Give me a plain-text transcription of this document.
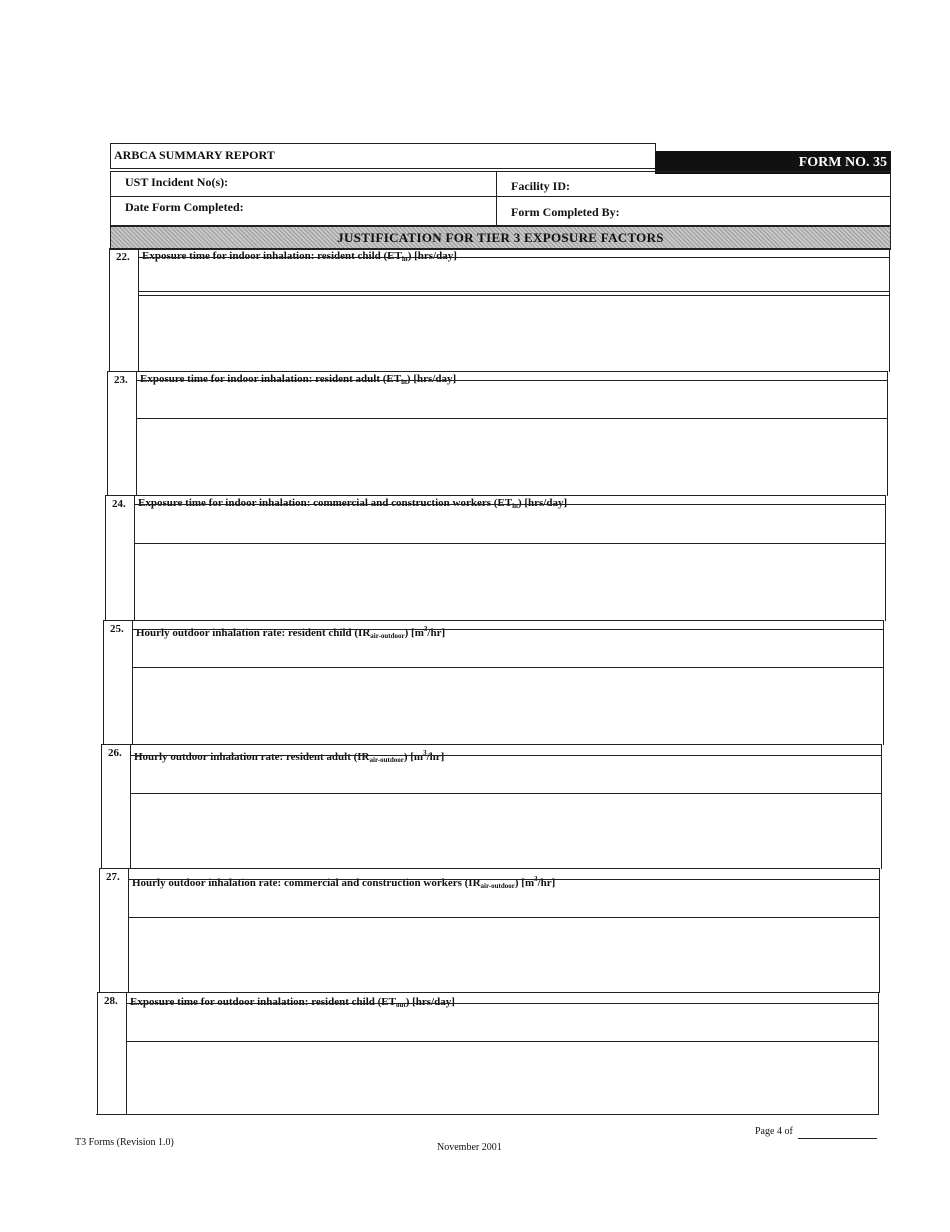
ARBCA SUMMARY REPORT	FORM NO. 35
UST Incident No(s):	Facility ID:
Date Form Completed:	Form Completed By:
JUSTIFICATION FOR TIER 3 EXPOSURE FACTORS
22. Exposure time for indoor inhalation: resident child $(ET_{in})$ [hrs/day]
23. Exposure time for indoor inhalation: resident adult $(ET_{in})$ [hrs/day]
24. Exposure time for indoor inhalation: commercial and construction workers $(ET_{in})$ [hrs/day]
25. Hourly outdoor inhalation rate: resident child $(IR_{air-outdoor})$ $[m^3/hr]$
26. Hourly outdoor inhalation rate: resident adult $(IR_{air-outdoor})$ $[m^3/hr]$
27. Hourly outdoor inhalation rate: commercial and construction workers $(IR_{air-outdoor})$ $[m^3/hr]$
28. Exposure time for outdoor inhalation: resident child $(ET_{out})$ [hrs/day]
T3 Forms (Revision 1.0)	November 2001
Page 4 of
